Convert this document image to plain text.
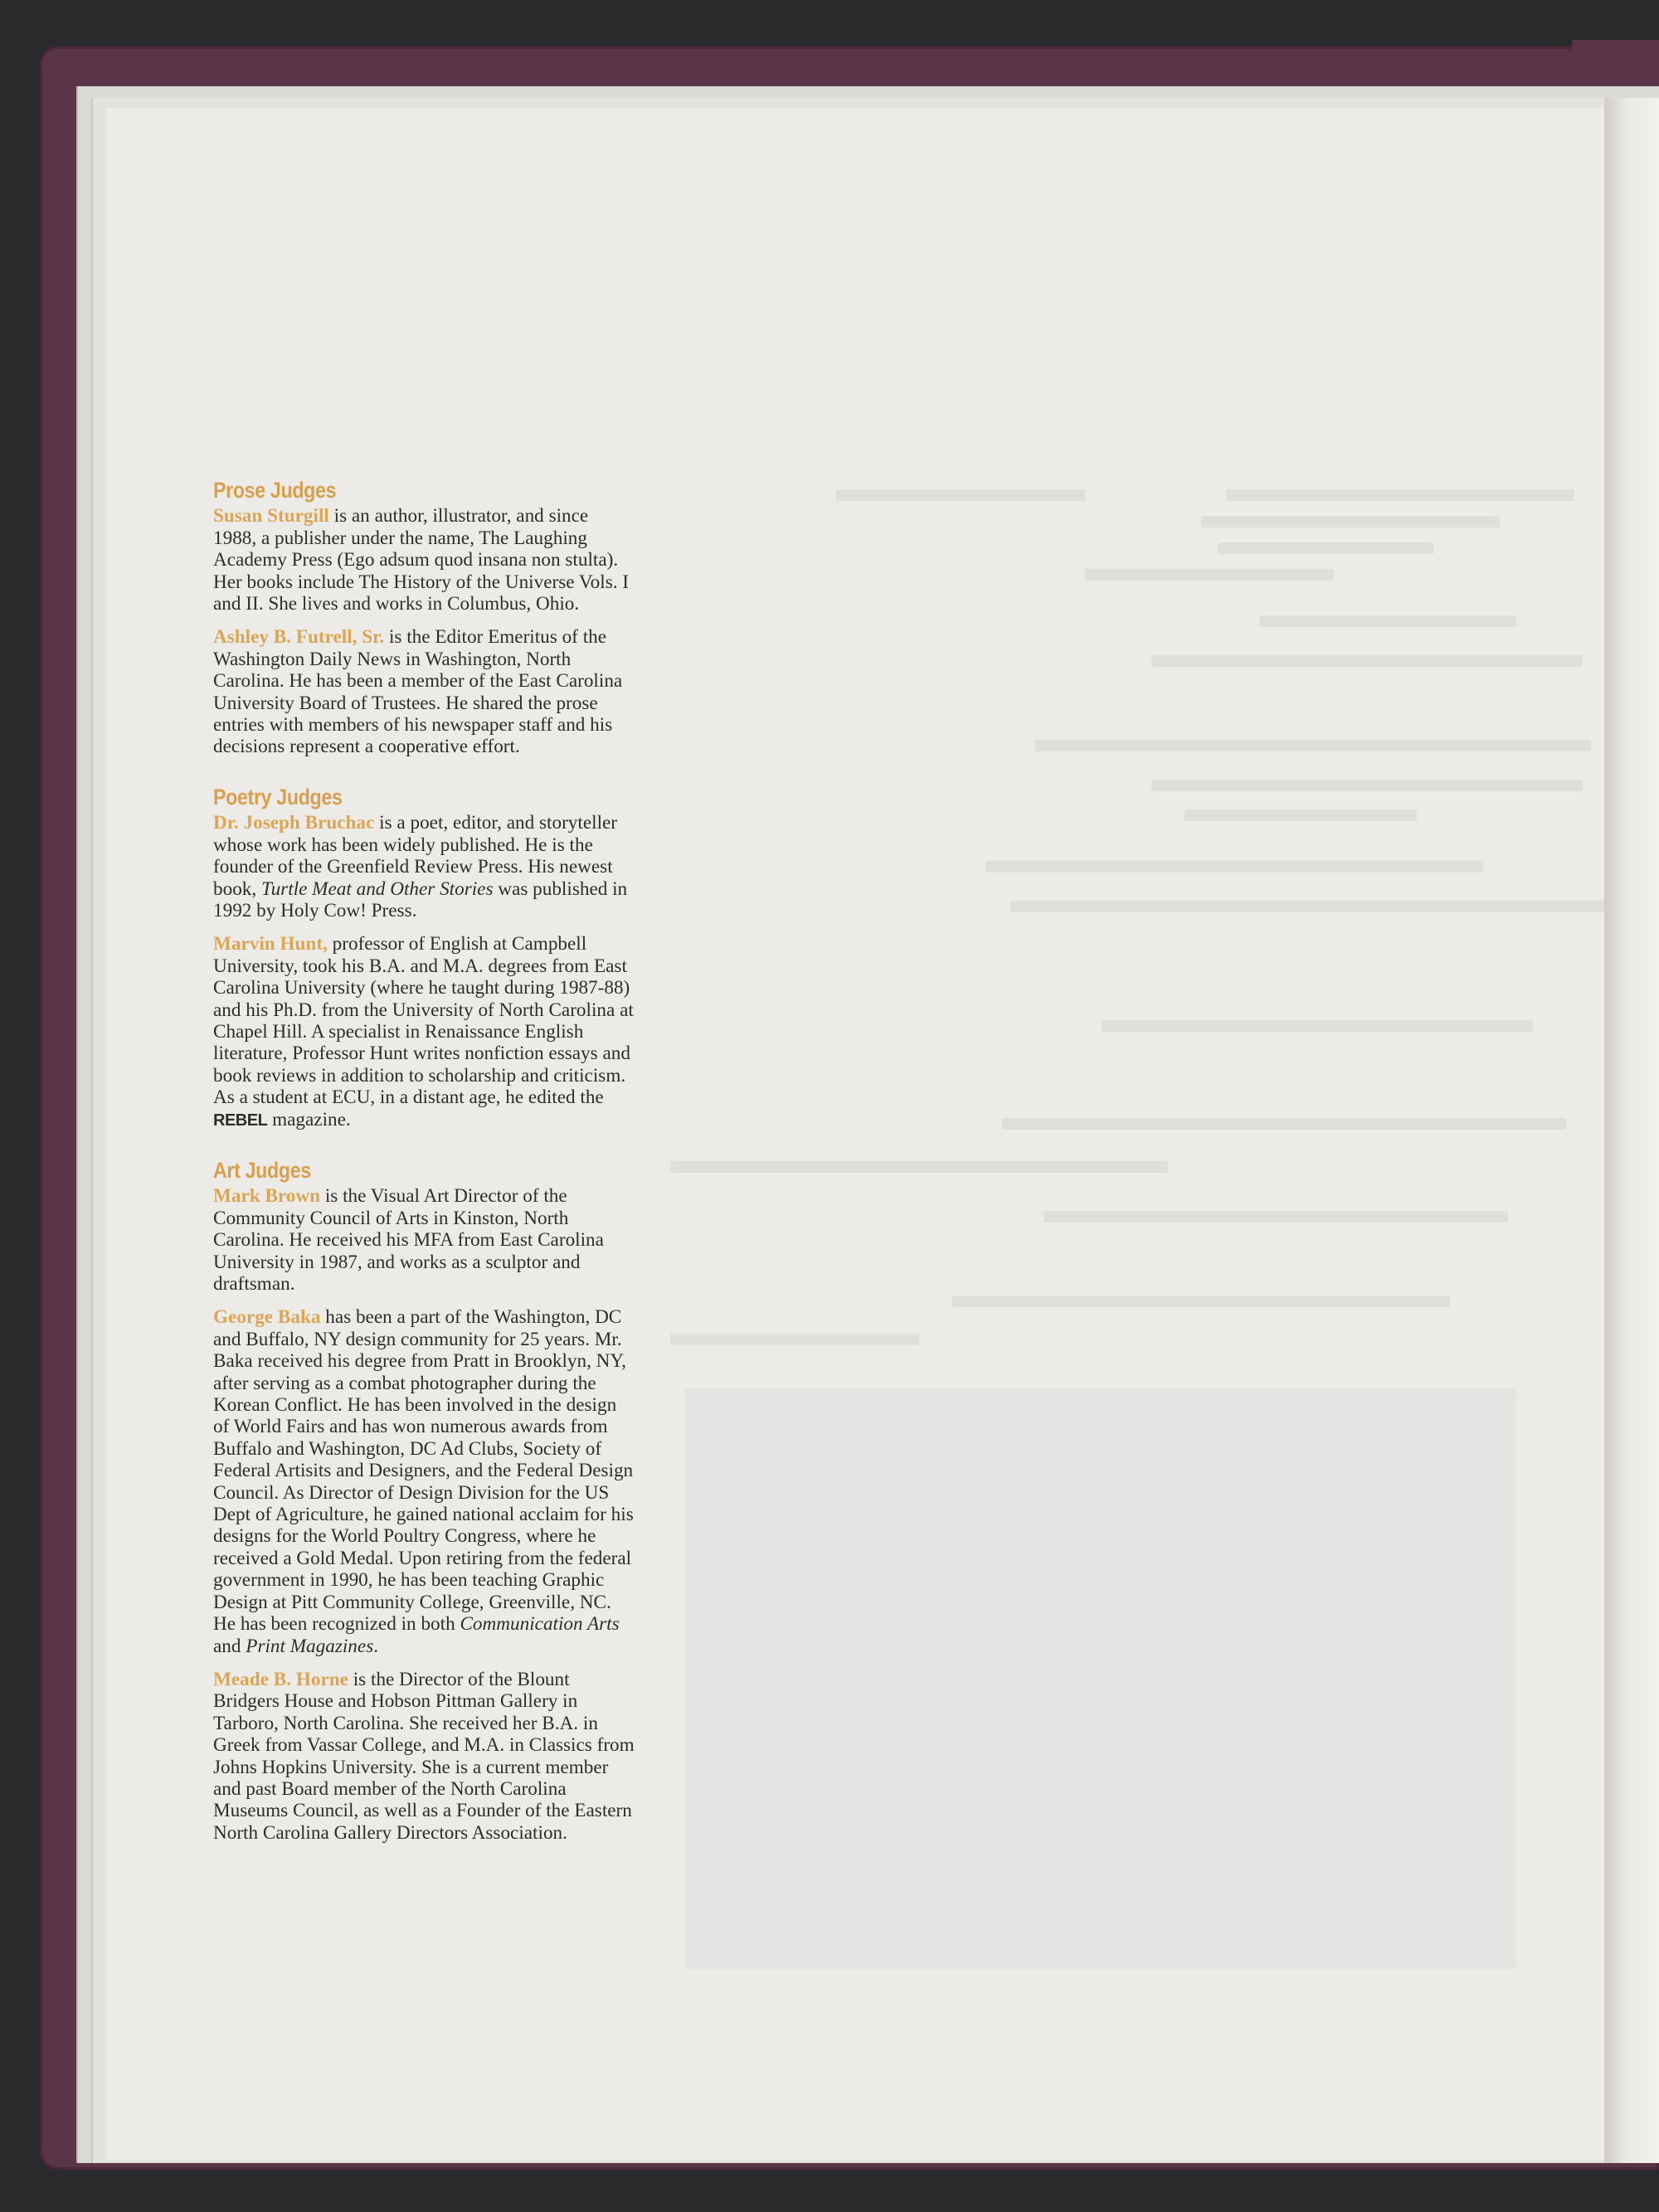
Prose Judges

Susan Sturgill is an author, illustrator, and since 1988, a publisher under the name, The Laughing Academy Press (Ego adsum quod insana non stulta). Her books include The History of the Universe Vols. I and II. She lives and works in Columbus, Ohio.

Ashley B. Futrell, Sr. is the Editor Emeritus of the Washington Daily News in Washington, North Carolina. He has been a member of the East Carolina University Board of Trustees. He shared the prose entries with members of his newspaper staff and his decisions represent a cooperative effort.

Poetry Judges

Dr. Joseph Bruchac is a poet, editor, and storyteller whose work has been widely published. He is the founder of the Greenfield Review Press. His newest book, Turtle Meat and Other Stories was published in 1992 by Holy Cow! Press.

Marvin Hunt, professor of English at Campbell University, took his B.A. and M.A. degrees from East Carolina University (where he taught during 1987-88) and his Ph.D. from the University of North Carolina at Chapel Hill. A specialist in Renaissance English literature, Professor Hunt writes nonfiction essays and book reviews in addition to scholarship and criticism. As a student at ECU, in a distant age, he edited the REBEL magazine.

Art Judges

Mark Brown is the Visual Art Director of the Community Council of Arts in Kinston, North Carolina. He received his MFA from East Carolina University in 1987, and works as a sculptor and draftsman.

George Baka has been a part of the Washington, DC and Buffalo, NY design community for 25 years. Mr. Baka received his degree from Pratt in Brooklyn, NY, after serving as a combat photographer during the Korean Conflict. He has been involved in the design of World Fairs and has won numerous awards from Buffalo and Washington, DC Ad Clubs, Society of Federal Artisits and Designers, and the Federal Design Council. As Director of Design Division for the US Dept of Agriculture, he gained national acclaim for his designs for the World Poultry Congress, where he received a Gold Medal. Upon retiring from the federal government in 1990, he has been teaching Graphic Design at Pitt Community College, Greenville, NC. He has been recognized in both Communication Arts and Print Magazines.

Meade B. Horne is the Director of the Blount Bridgers House and Hobson Pittman Gallery in Tarboro, North Carolina. She received her B.A. in Greek from Vassar College, and M.A. in Classics from Johns Hopkins University. She is a current member and past Board member of the North Carolina Museums Council, as well as a Founder of the Eastern North Carolina Gallery Directors Association.
